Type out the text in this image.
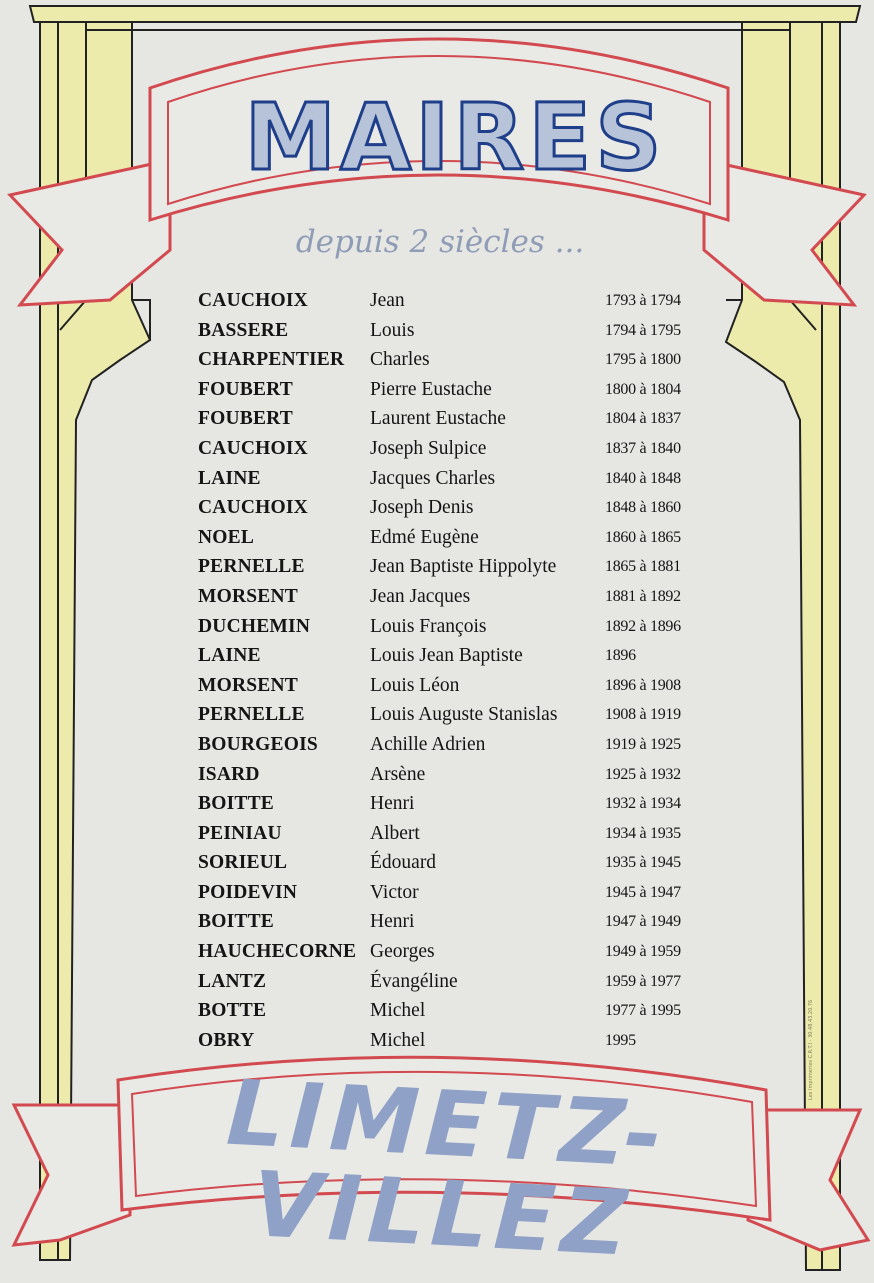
MAIRES
depuis 2 siècles ...
CAUCHOIX	Jean	1793 à 1794
BASSERE	Louis	1794 à 1795
CHARPENTIER Charles	1795 à 1800
FOUBERT	Pierre Eustache	1800 à 1804
FOUBERT	Laurent Eustache	1804 à 1837
CAUCHOIX	Joseph Sulpice	1837 à 1840
LAINE	Jacques Charles	1840 à 1848
CAUCHOIX	Joseph Denis	1848 à 1860
NOEL	Edmé Eugène	1860 à 1865
PERNELLE	Jean Baptiste Hippolyte	1865 à 1881
MORSENT	Jean Jacques	1881 à 1892
DUCHEMIN	Louis François	1892 à 1896
LAINE	Louis Jean Baptiste	1896
MORSENT	Louis Léon	1896 à 1908
PERNELLE	Louis Auguste Stanislas	1908 à 1919
BOURGEOIS	Achille Adrien	1919 à 1925
ISARD	Arsène	1925 à 1932
BOITTE	Henri	1932 à 1934
PEINIAU	Albert	1934 à 1935
SORIEUL	Édouard	1935 à 1945
POIDEVIN	Victor	1945 à 1947
BOITTE	Henri	1947 à 1949
HAUCHECORNE Georges	1949 à 1959
LANTZ	Évangéline	1959 à 1977
BOTTE	Michel	1977 à 1995
OBRY	Michel	1995
LIMETZ-VILLEZ
Les Imprimeries C.R.T.I - 30.48.43.20.76
